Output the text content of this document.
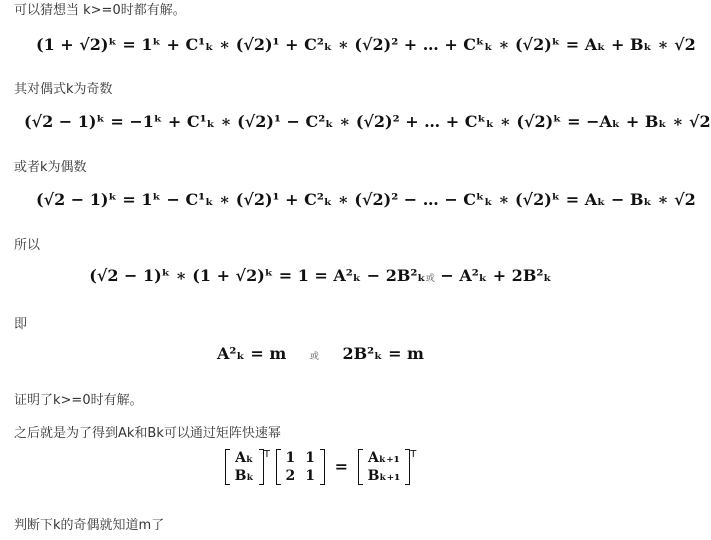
可以猜想当 k>=0时都有解。
(1 + √2)ᵏ = 1ᵏ + C¹ₖ ∗ (√2)¹ + C²ₖ ∗ (√2)² + … + Cᵏₖ ∗ (√2)ᵏ = Aₖ + Bₖ ∗ √2
其对偶式k为奇数
(√2 − 1)ᵏ = −1ᵏ + C¹ₖ ∗ (√2)¹ − C²ₖ ∗ (√2)² + … + Cᵏₖ ∗ (√2)ᵏ = −Aₖ + Bₖ ∗ √2
或者k为偶数
(√2 − 1)ᵏ = 1ᵏ − C¹ₖ ∗ (√2)¹ + C²ₖ ∗ (√2)² − … − Cᵏₖ ∗ (√2)ᵏ = Aₖ − Bₖ ∗ √2
所以
(√2 − 1)ᵏ ∗ (1 + √2)ᵏ = 1 = A²ₖ − 2B²ₖ或 − A²ₖ + 2B²ₖ
即
A²ₖ = m	或 2B²ₖ = m
证明了k>=0时有解。
之后就是为了得到Ak和Bk可以通过矩阵快速幂
Aₖ
Bₖ
$^T$ 1	1
2	1
= Aₖ₊₁
Bₖ₊₁
$^T$
判断下k的奇偶就知道m了
